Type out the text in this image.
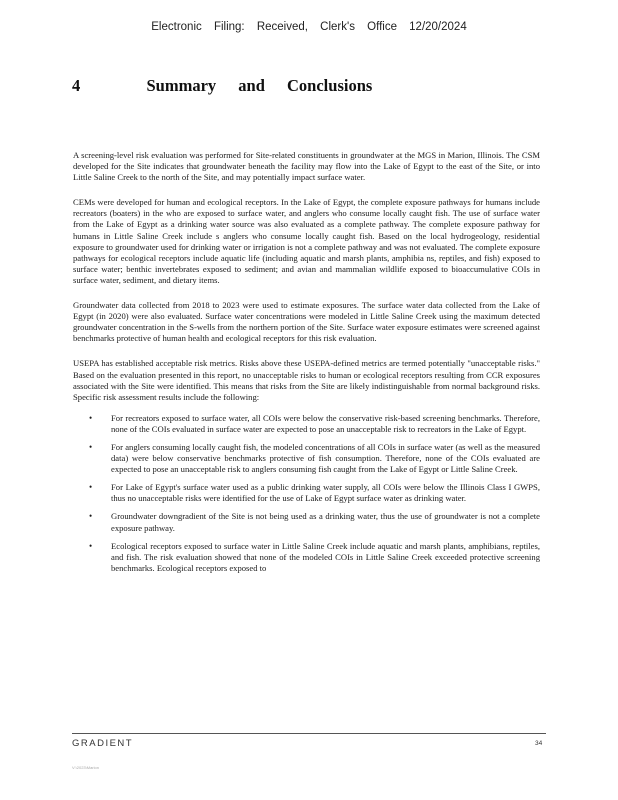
Electronic Filing: Received, Clerk's Office 12/20/2024
4	Summary and Conclusions

A screening-level risk evaluation was performed for Site-related constituents in groundwater at the MGS in Marion, Illinois. The CSM developed for the Site indicates that groundwater beneath the facility may flow into the Lake of Egypt to the east of the Site, or into Little Saline Creek to the north of the Site, and may potentially impact surface water.

CEMs were developed for human and ecological receptors. In the Lake of Egypt, the complete exposure pathways for humans include recreators (boaters) in the who are exposed to surface water, and anglers who consume locally caught fish. The use of surface water from the Lake of Egypt as a drinking water source was also evaluated as a complete pathway. The complete exposure pathway for humans in Little Saline Creek include s anglers who consume locally caught fish. Based on the local hydrogeology, residential exposure to groundwater used for drinking water or irrigation is not a complete pathway and was not evaluated. The complete exposure pathways for ecological receptors include aquatic life (including aquatic and marsh plants, amphibia ns, reptiles, and fish) exposed to surface water; benthic invertebrates exposed to sediment; and avian and mammalian wildlife exposed to bioaccumulative COIs in surface water, sediment, and dietary items.

Groundwater data collected from 2018 to 2023 were used to estimate exposures. The surface water data collected from the Lake of Egypt (in 2020) were also evaluated. Surface water concentrations were modeled in Little Saline Creek using the maximum detected groundwater concentration in the S-wells from the northern portion of the Site. Surface water exposure estimates were screened against benchmarks protective of human health and ecological receptors for this risk evaluation.

USEPA has established acceptable risk metrics. Risks above these USEPA-defined metrics are termed potentially "unacceptable risks." Based on the evaluation presented in this report, no unacceptable risks to human or ecological receptors resulting from CCR exposures associated with the Site were identified. This means that risks from the Site are likely indistinguishable from normal background risks. Specific risk assessment results include the following:

• For recreators exposed to surface water, all COIs were below the conservative risk-based screening benchmarks. Therefore, none of the COIs evaluated in surface water are expected to pose an unacceptable risk to recreators in the Lake of Egypt.
• For anglers consuming locally caught fish, the modeled concentrations of all COIs in surface water (as well as the measured data) were below conservative benchmarks protective of fish consumption. Therefore, none of the COIs evaluated are expected to pose an unacceptable risk to anglers consuming fish caught from the Lake of Egypt or Little Saline Creek.
• For Lake of Egypt's surface water used as a public drinking water supply, all COIs were below the Illinois Class I GWPS, thus no unacceptable risks were identified for the use of Lake of Egypt surface water as drinking water.
• Groundwater downgradient of the Site is not being used as a drinking water, thus the use of groundwater is not a complete exposure pathway.
• Ecological receptors exposed to surface water in Little Saline Creek include aquatic and marsh plants, amphibians, reptiles, and fish. The risk evaluation showed that none of the modeled COIs in Little Saline Creek exceeded protective screening benchmarks. Ecological receptors exposed to
GRADIENT	34
V:\2023\Marion
